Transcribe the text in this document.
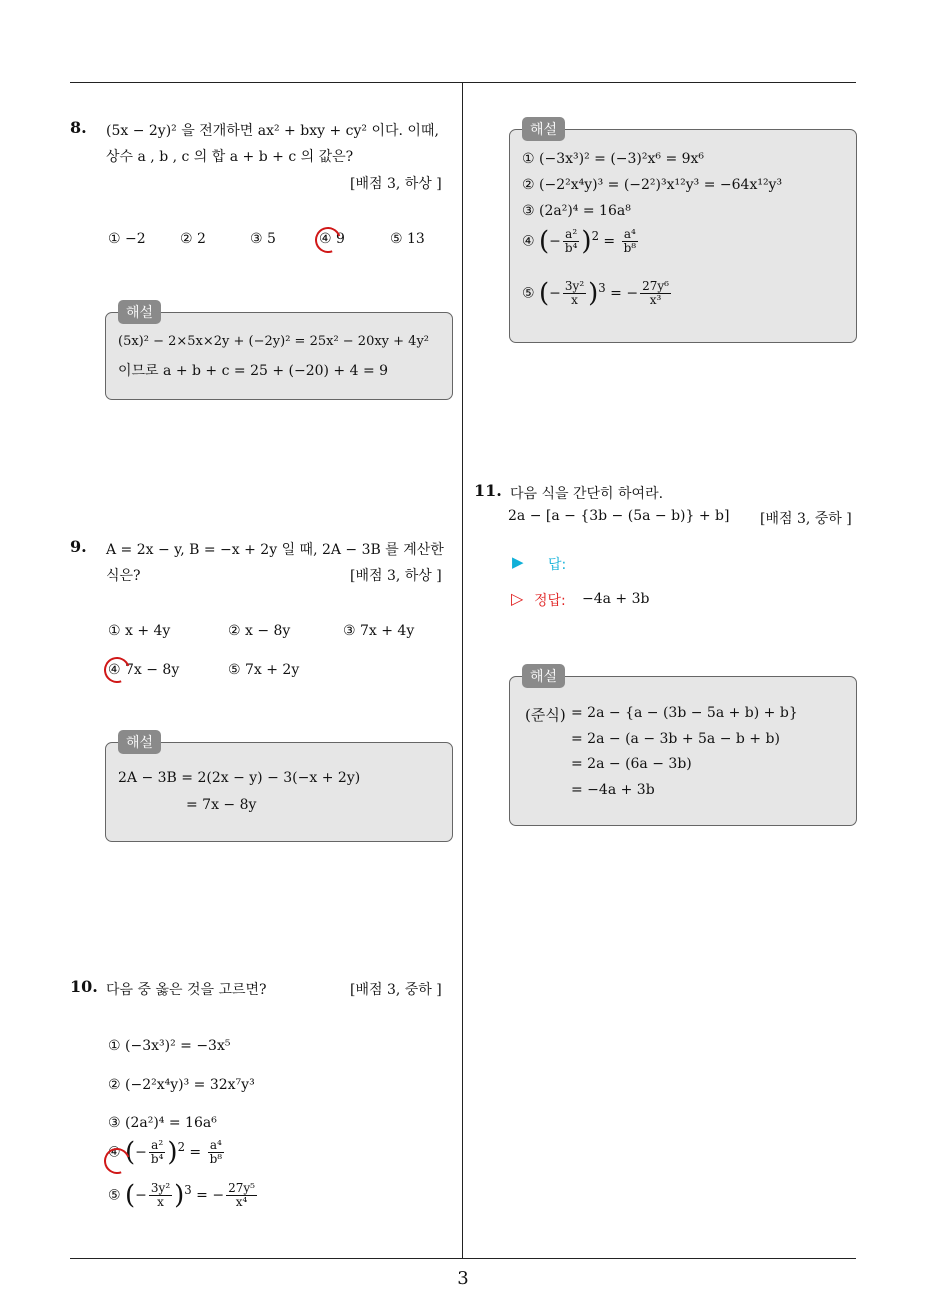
3
8. (5x − 2y)² 을 전개하면 ax² + bxy + cy² 이다. 이때,
상수 a , b , c 의 합 a + b + c 의 값은?
[배점 3, 하상 ]
① −2 ② 2	③ 5	④ 9	⑤ 13
해설
(5x)² − 2×5x×2y + (−2y)² = 25x² − 20xy + 4y²
이므로 a + b + c = 25 + (−20) + 4 = 9
9. A = 2x − y, B = −x + 2y 일 때, 2A − 3B 를 계산한
식은?	[배점 3, 하상 ]
① x + 4y	② x − 8y	③ 7x + 4y
④ 7x − 8y	⑤ 7x + 2y
해설
2A − 3B = 2(2x − y) − 3(−x + 2y)
= 7x − 8y
10. 다음 중 옳은 것을 고르면?	[배점 3, 중하 ]
① (−3x³)² = −3x⁵
② (−2²x⁴y)³ = 32x⁷y³
③ (2a²)⁴ = 16a⁶
④ (− $\frac{\text{a²}}{\text{b⁴}} )^2 = \frac{\text{a⁴}}{\text{b⁸}}$
⑤ (− $\frac{\text{3y²}}{x} )^3$ = − $\frac{\text{27y⁵}}{\text{x⁴}}$
해설
① (−3x³)² = (−3)²x⁶ = 9x⁶
② (−2²x⁴y)³ = (−2²)³x¹²y³ = −64x¹²y³
③ (2a²)⁴ = 16a⁸
④ (− $\frac{\text{a²}}{\text{b⁴}} )^2 = \frac{\text{a⁴}}{\text{b⁸}}$
⑤ (− $\frac{\text{3y²}}{x} )^3$ = − $\frac{\text{27y⁶}}{\text{x³}}$
11. 다음 식을 간단히 하여라.
2a − [a − {3b − (5a − b)} + b] [배점 3, 중하 ]
▶ 답:
▷ 정답: −4a + 3b
해설
(준식) = 2a − {a − (3b − 5a + b) + b}
= 2a − (a − 3b + 5a − b + b)
= 2a − (6a − 3b)
= −4a + 3b
